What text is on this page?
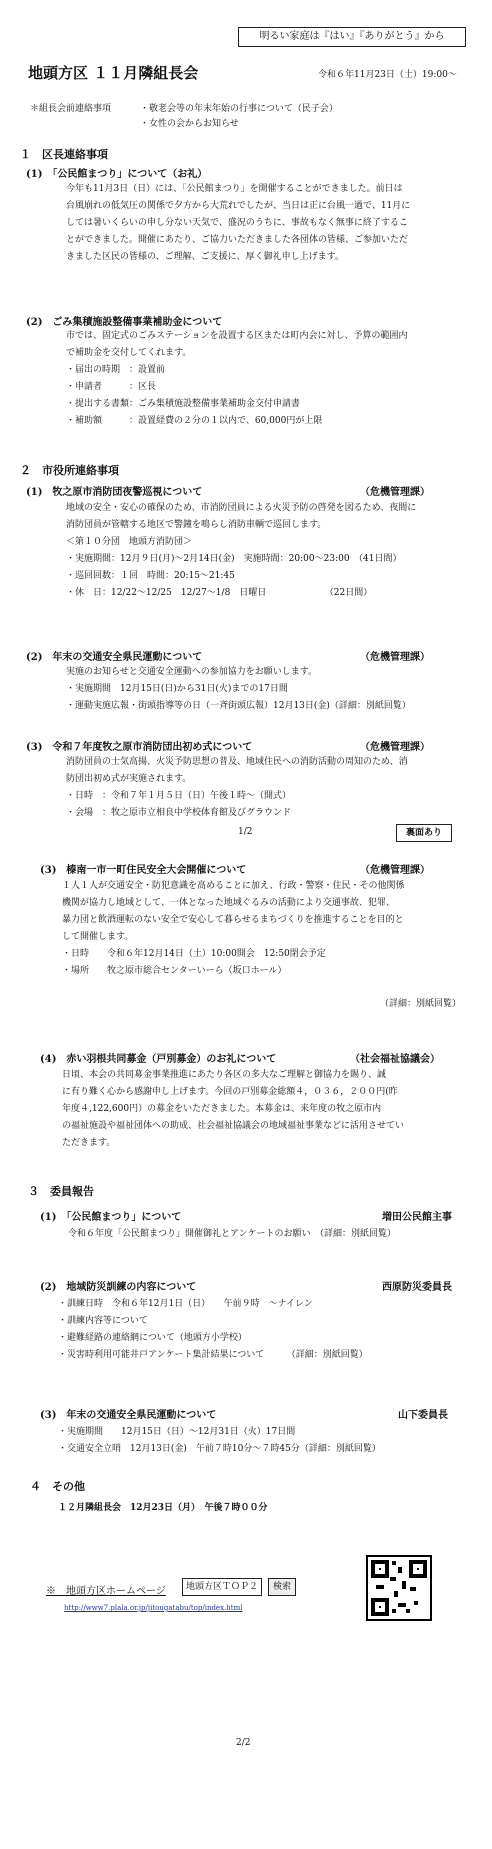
明るい家庭は『はい』『ありがとう』から
地頭方区 １１月隣組長会	令和６年11月23日（土）19:00～
＊組長会前連絡事項	・敬老会等の年末年始の行事について（民子会）
・女性の会からお知らせ
１　区長連絡事項
(1)　「公民館まつり」について（お礼）
今年も11月3日（日）には、「公民館まつり」を開催することができました。前日は
台風崩れの低気圧の関係で夕方から大荒れでしたが、当日は正に台風一過で、11月に
しては暑いくらいの申し分ない天気で、盛況のうちに、事故もなく無事に終了するこ
とができました。開催にあたり、ご協力いただきました各団体の皆様、ご参加いただ
きました区民の皆様の、ご理解、ご支援に、厚く御礼申し上げます。
(2)　ごみ集積施設整備事業補助金について
市では、固定式のごみステーションを設置する区または町内会に対し、予算の範囲内
で補助金を交付してくれます。
・届出の時期　：設置前
・申請者　　　：区長
・提出する書類：ごみ集積施設整備事業補助金交付申請書
・補助額　　　：設置経費の２分の１以内で、60,000円が上限
２　市役所連絡事項
(1)　牧之原市消防団夜警巡視について	（危機管理課）
地域の安全・安心の確保のため、市消防団員による火災予防の啓発を図るため、夜間に
消防団員が管轄する地区で警鐘を鳴らし消防車輌で巡回します。
＜第１０分団　地頭方消防団＞
・実施期間：12月９日(月)～2月14日(金)　実施時間：20:00～23:00　（41日間）
・巡回回数：１回　時間：20:15～21:45
・休　日：12/22～12/25　12/27～1/8　日曜日　　　　　　　（22日間）
(2)　年末の交通安全県民運動について	（危機管理課）
実施のお知らせと交通安全運動への参加協力をお願いします。
・実施期間　12月15日(日)から31日(火)までの17日間
・運動実施広報・街頭指導等の日（一斉街頭広報）12月13日(金)（詳細：別紙回覧）
(3)　令和７年度牧之原市消防団出初め式について	（危機管理課）
消防団員の士気高揚、火災予防思想の普及、地域住民への消防活動の周知のため、消
防団出初め式が実施されます。
・日時　：令和７年１月５日（日）午後１時～（開式）
・会場　：牧之原市立相良中学校体育館及びグラウンド
1/2	裏面あり
(3)　榛南一市一町住民安全大会開催について	（危機管理課）
１人１人が交通安全・防犯意識を高めることに加え、行政・警察・住民・その他関係
機関が協力し地域として、一体となった地域ぐるみの活動により交通事故、犯罪、
暴力団と飲酒運転のない安全で安心して暮らせるまちづくりを推進することを目的と
して開催します。
・日時　　令和６年12月14日（土）10:00開会　12:50閉会予定
・場所　　牧之原市総合センターいーら（坂口ホール）
（詳細：別紙回覧）
(4)　赤い羽根共同募金（戸別募金）のお礼について	（社会福祉協議会）
日頃、本会の共同募金事業推進にあたり各区の多大なご理解と御協力を賜り、誠
に有り難く心から感謝申し上げます。今回の戸別募金総額４，０３６，２００円(昨
年度４,122,600円）の募金をいただきました。本募金は、来年度の牧之原市内
の福祉施設や福祉団体への助成、社会福祉協議会の地域福祉事業などに活用させてい
ただきます。
３　委員報告
(1)　「公民館まつり」について	増田公民館主事
令和６年度「公民館まつり」開催御礼とアンケートのお願い　（詳細：別紙回覧）
(2)　地域防災訓練の内容について	西原防災委員長
・訓練日時　令和６年12月1日（日）　　午前９時　～ナイレン
・訓練内容等について
・避難経路の連絡網について（地頭方小学校）
・災害時利用可能井戸アンケート集計結果について　　　（詳細：別紙回覧）
(3)　年末の交通安全県民運動について	山下委員長
・実施期間　　12月15日（日）～12月31日（火）17日間
・交通安全立哨　12月13日(金)　午前７時10分～７時45分（詳細：別紙回覧）
４　その他
１２月隣組長会　12月23日（月）　午後７時００分
※　地頭方区ホームページ	地頭方区ＴＯＰ２	検索
http://www7.plala.or.jp/jitougatabu/top/index.html
2/2
